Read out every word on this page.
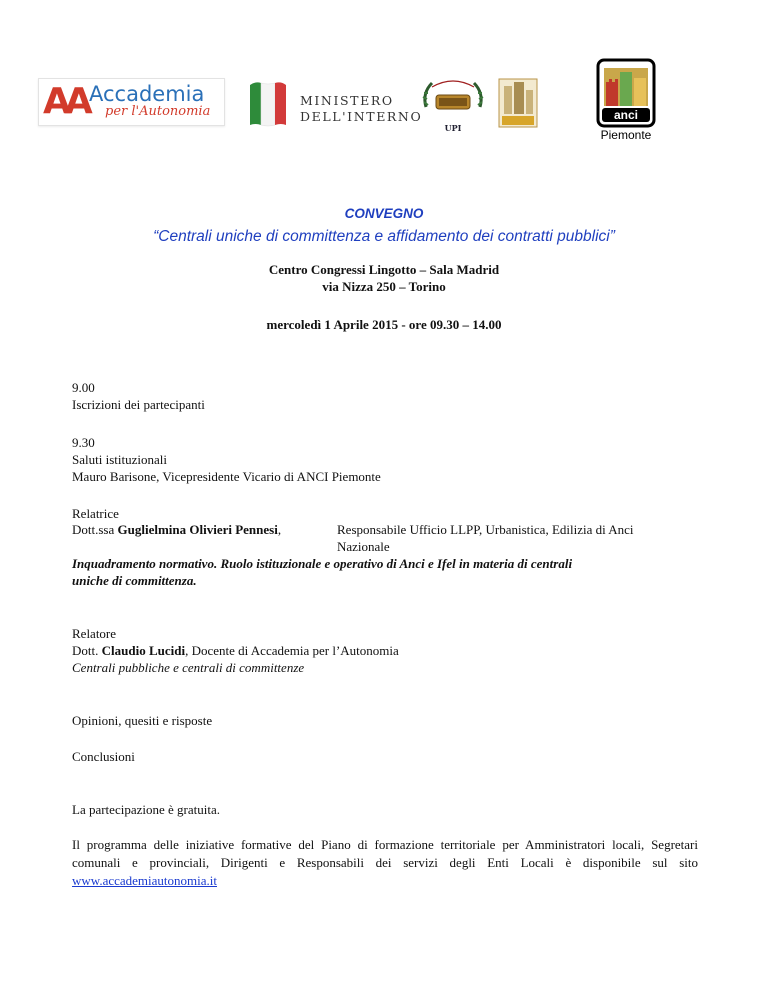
AA Accademia
per l'Autonomia
MINISTERO
DELL'INTERNO
UPI
anci
Piemonte
CONVEGNO
“Centrali uniche di committenza e affidamento dei contratti pubblici”
Centro Congressi Lingotto – Sala Madrid
via Nizza 250 – Torino
mercoledì 1 Aprile 2015 - ore 09.30 – 14.00
9.00
Iscrizioni dei partecipanti
9.30
Saluti istituzionali
Mauro Barisone, Vicepresidente Vicario di ANCI Piemonte
Relatrice
Dott.ssa Guglielmina Olivieri Pennesi,	Responsabile Ufficio LLPP, Urbanistica, Edilizia di Anci
Nazionale
Inquadramento normativo. Ruolo istituzionale e operativo di Anci e Ifel in materia di centrali
uniche di committenza.
Relatore
Dott. Claudio Lucidi, Docente di Accademia per l’Autonomia
Centrali pubbliche e centrali di committenze
Opinioni, quesiti e risposte
Conclusioni
La partecipazione è gratuita.
Il programma delle iniziative formative del Piano di formazione territoriale per Amministratori locali, Segretari comunali e provinciali, Dirigenti e Responsabili dei servizi degli Enti Locali è disponibile sul sito www.accademiautonomia.it
